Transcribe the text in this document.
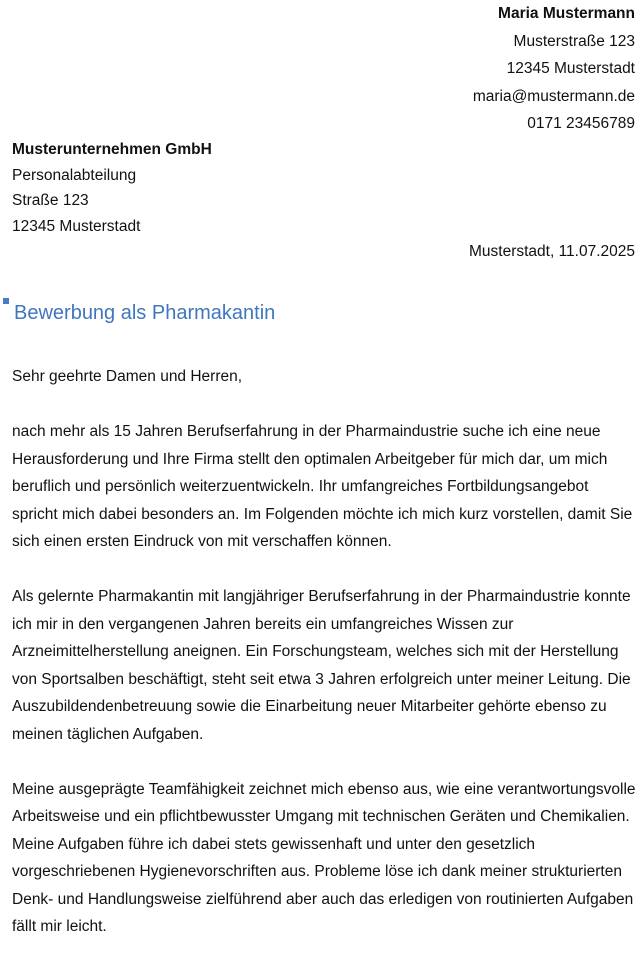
Maria Mustermann
Musterstraße 123
12345 Musterstadt
maria@mustermann.de
0171 23456789
Musterunternehmen GmbH
Personalabteilung
Straße 123
12345 Musterstadt
Musterstadt, 11.07.2025
Bewerbung als Pharmakantin

Sehr geehrte Damen und Herren,

nach mehr als 15 Jahren Berufserfahrung in der Pharmaindustrie suche ich eine neue Herausforderung und Ihre Firma stellt den optimalen Arbeitgeber für mich dar, um mich beruflich und persönlich weiterzuentwickeln. Ihr umfangreiches Fortbildungsangebot spricht mich dabei besonders an. Im Folgenden möchte ich mich kurz vorstellen, damit Sie sich einen ersten Eindruck von mit verschaffen können.

Als gelernte Pharmakantin mit langjähriger Berufserfahrung in der Pharmaindustrie konnte ich mir in den vergangenen Jahren bereits ein umfangreiches Wissen zur Arzneimittelherstellung aneignen. Ein Forschungsteam, welches sich mit der Herstellung von Sportsalben beschäftigt, steht seit etwa 3 Jahren erfolgreich unter meiner Leitung. Die Auszubildendenbetreuung sowie die Einarbeitung neuer Mitarbeiter gehörte ebenso zu meinen täglichen Aufgaben.

Meine ausgeprägte Teamfähigkeit zeichnet mich ebenso aus, wie eine verantwortungsvolle Arbeitsweise und ein pflichtbewusster Umgang mit technischen Geräten und Chemikalien. Meine Aufgaben führe ich dabei stets gewissenhaft und unter den gesetzlich vorgeschriebenen Hygienevorschriften aus. Probleme löse ich dank meiner strukturierten Denk- und Handlungsweise zielführend aber auch das erledigen von routinierten Aufgaben fällt mir leicht.
